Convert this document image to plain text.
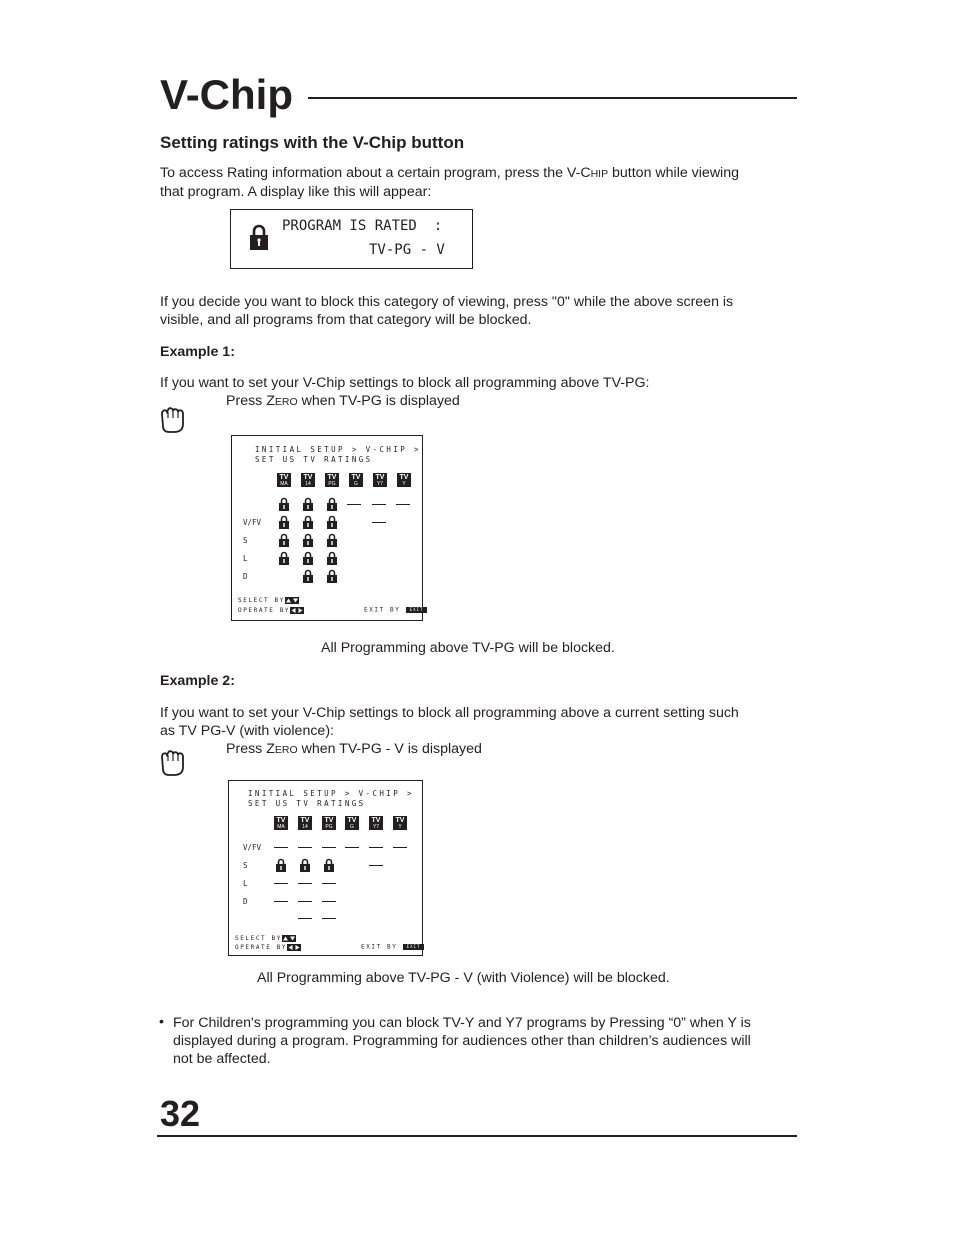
V-Chip
Setting ratings with the V-Chip button
To access Rating information about a certain program, press the V-CHIP button while viewing
that program. A display like this will appear:
PROGRAM IS RATED  :
TV-PG - V
If you decide you want to block this category of viewing, press "0" while the above screen is
visible, and all programs from that category will be blocked.
Example 1:
If you want to set your V-Chip settings to block all programming above TV-PG:
Press ZERO when TV-PG is displayed
INITIAL SETUP > V-CHIP >
SET US TV RATINGS
TV
MA
TV
14
TV
PG
TV
G
TV
Y7
TV
Y
V/FV
S
L
D
SELECT BY
OPERATE BY	EXIT BY EXIT
All Programming above TV-PG will be blocked.
Example 2:
If you want to set your V-Chip settings to block all programming above a current setting such
as TV PG-V (with violence):
Press ZERO when TV-PG - V is displayed
INITIAL SETUP > V-CHIP >
SET US TV RATINGS
TV
MA
TV
14
TV
PG
TV
G
TV
Y7
TV
Y
V/FV
S
L
D
SELECT BY
OPERATE BY	EXIT BY EXIT
All Programming above TV-PG - V (with Violence) will be blocked.
• For Children's programming you can block TV-Y and Y7 programs by Pressing “0” when Y is
displayed during a program. Programming for audiences other than children’s audiences will
not be affected.
32
